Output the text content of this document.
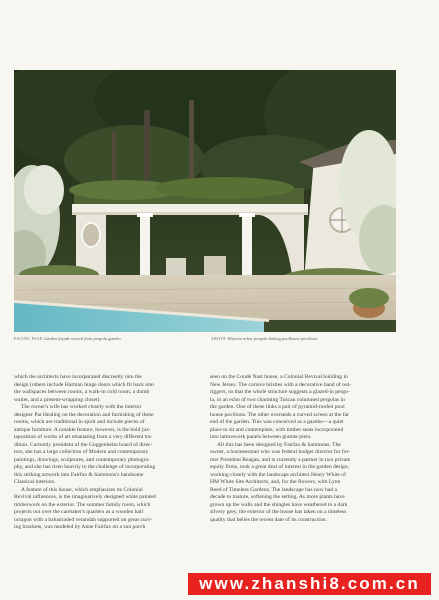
FACING PAGE Garden façade viewed from pergola gazebo.	ABOVE Wisteria arbor pergola linking poolhouse pavilions.
which the architects have incorporated discreetly into the
design (others include Harman hinge doors which fit back into
the wallspaces between rooms, a walk-in cold room, a dumb
waiter, and a present-wrapping closet).
The owner's wife has worked closely with the interior
designer Pat Healing on the decoration and furnishing of these
rooms, which are traditional in spirit and include pieces of
antique furniture. A notable feature, however, is the bold jux-
taposition of works of art emanating from a very different tra-
dition. Currently president of the Guggenheim board of direc-
tors, she has a large collection of Modern and contemporary
paintings, drawings, sculptures, and contemporary photogra-
phy, and she has risen heavily to the challenge of incorporating
this striking artwork into Fairfax & Sammons's handsome
Classical interiors.
A feature of this house, which emphasizes its Colonial
Revival influences, is the imaginatively designed white painted
timberwork on the exterior. The summer family room, which
projects out over the caretaker's quarters as a wooden hall
octagon with a balustraded verandah supported on great curv-
ing brackets, was modeled by Anne Fairfax on a sun porch
seen on the Condé Nast house, a Colonial Revival building in
New Jersey. The cornice bristles with a decorative band of out-
riggers, so that the whole structure suggests a glazed-in pergo-
la, in an echo of two charming Tuscan columned pergolas in
the garden. One of these links a pair of pyramid-roofed pool
house pavilions. The other overseals a curved screen at the far
end of the garden. This was conceived as a gazebo—a quiet
place to sit and contemplate, with timber seats incorporated
into latticework panels between granite piers.
All this has been designed by Fairfax & Sammons. The
owner, a businessman who was federal budget director for for-
mer President Reagan, and is currently a partner in two private
equity firms, took a great deal of interest in the garden design,
working closely with the landscape architect Henry White of
HM White Site Architects, and, for the flowers, with Lynn
Reed of Timeless Gardens. The landscape has now had a
decade to mature, softening the setting. As more plants have
grown up the walls and the shingles have weathered to a dark
silvery grey, the exterior of the house has taken on a timeless
quality that belies the recent date of its construction.
www.zhanshi8.com.cn
